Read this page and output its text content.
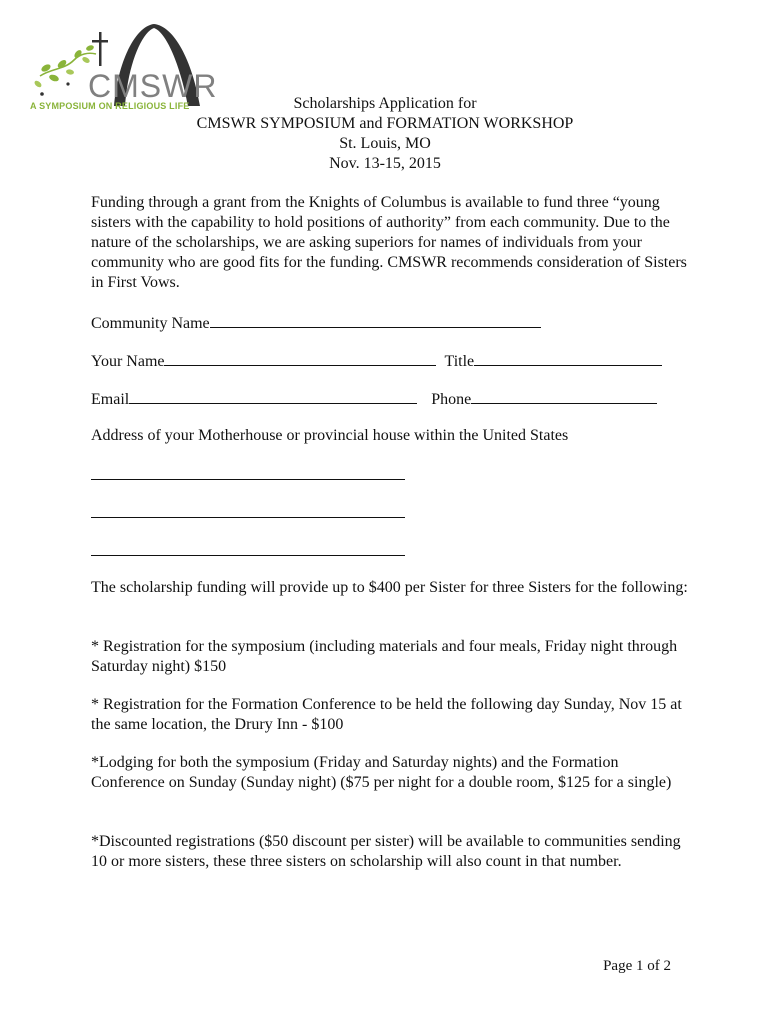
CMSWR
A SYMPOSIUM ON RELIGIOUS LIFE	Scholarships Application for
CMSWR SYMPOSIUM and FORMATION WORKSHOP
St. Louis, MO
Nov. 13-15, 2015
Funding through a grant from the Knights of Columbus is available to fund three “young sisters with the capability to hold positions of authority” from each community. Due to the nature of the scholarships, we are asking superiors for names of individuals from your community who are good fits for the funding. CMSWR recommends consideration of Sisters in First Vows.
Community Name
Your Name	Title
Email	Phone
Address of your Motherhouse or provincial house within the United States
The scholarship funding will provide up to $400 per Sister for three Sisters for the following:
* Registration for the symposium (including materials and four meals, Friday night through Saturday night) $150
* Registration for the Formation Conference to be held the following day Sunday, Nov 15 at the same location, the Drury Inn - $100
*Lodging for both the symposium (Friday and Saturday nights) and the Formation Conference on Sunday (Sunday night) ($75 per night for a double room, $125 for a single)
*Discounted registrations ($50 discount per sister) will be available to communities sending 10 or more sisters, these three sisters on scholarship will also count in that number.
Page 1 of 2
